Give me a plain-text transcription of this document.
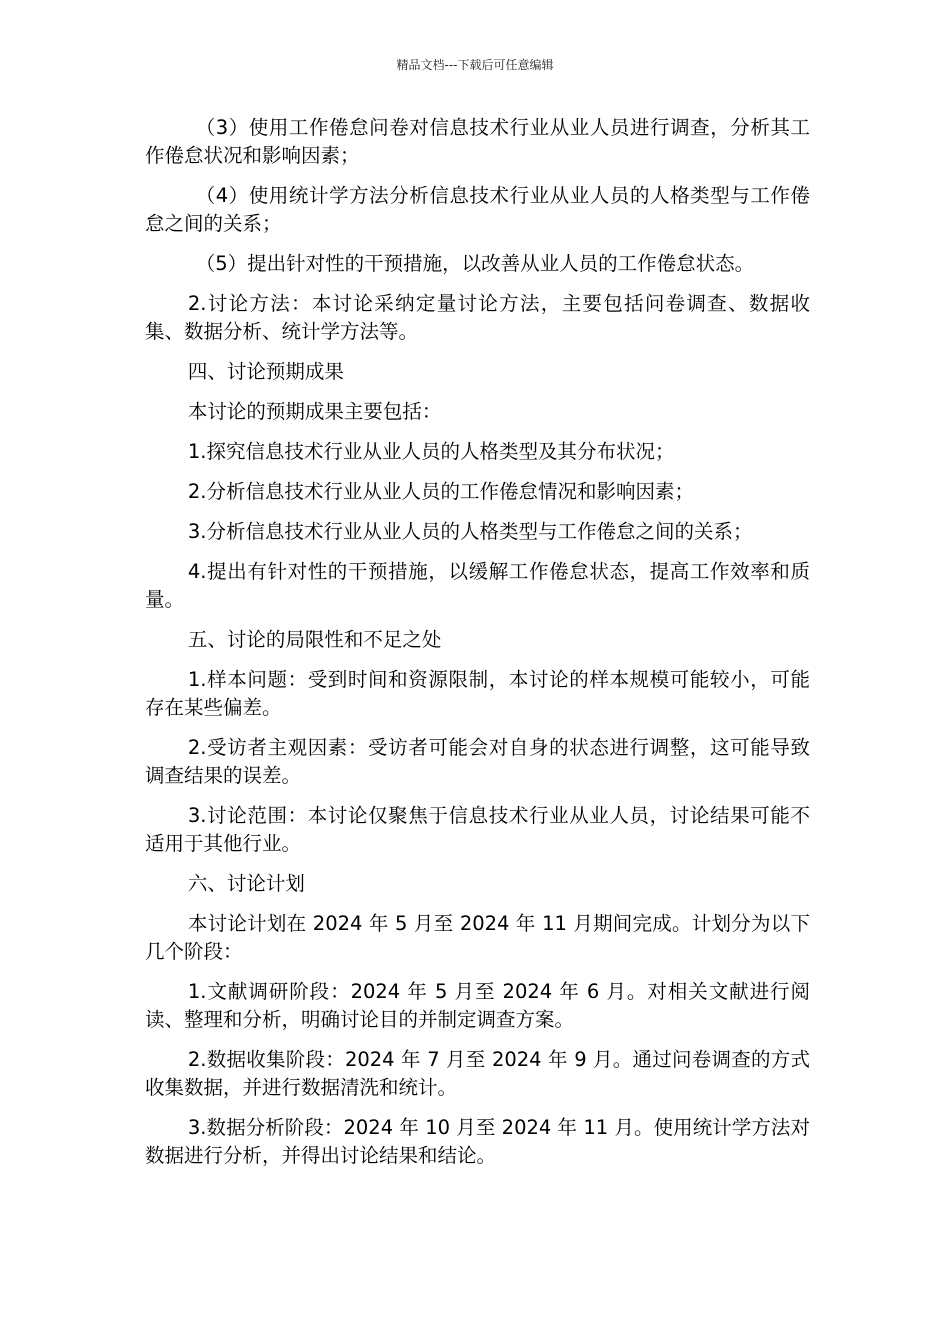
精品文档---下载后可任意编辑

（3）使用工作倦怠问卷对信息技术行业从业人员进行调查，分析其工作倦怠状况和影响因素；

（4）使用统计学方法分析信息技术行业从业人员的人格类型与工作倦怠之间的关系；

（5）提出针对性的干预措施，以改善从业人员的工作倦怠状态。

2.讨论方法：本讨论采纳定量讨论方法，主要包括问卷调查、数据收集、数据分析、统计学方法等。

四、讨论预期成果

本讨论的预期成果主要包括：

1.探究信息技术行业从业人员的人格类型及其分布状况；

2.分析信息技术行业从业人员的工作倦怠情况和影响因素；

3.分析信息技术行业从业人员的人格类型与工作倦怠之间的关系；

4.提出有针对性的干预措施，以缓解工作倦怠状态，提高工作效率和质量。

五、讨论的局限性和不足之处

1.样本问题：受到时间和资源限制，本讨论的样本规模可能较小，可能存在某些偏差。

2.受访者主观因素：受访者可能会对自身的状态进行调整，这可能导致调查结果的误差。

3.讨论范围：本讨论仅聚焦于信息技术行业从业人员，讨论结果可能不适用于其他行业。

六、讨论计划

本讨论计划在 2024 年 5 月至 2024 年 11 月期间完成。计划分为以下几个阶段：

1.文献调研阶段：2024 年 5 月至 2024 年 6 月。对相关文献进行阅读、整理和分析，明确讨论目的并制定调查方案。

2.数据收集阶段：2024 年 7 月至 2024 年 9 月。通过问卷调查的方式收集数据，并进行数据清洗和统计。

3.数据分析阶段：2024 年 10 月至 2024 年 11 月。使用统计学方法对数据进行分析，并得出讨论结果和结论。
